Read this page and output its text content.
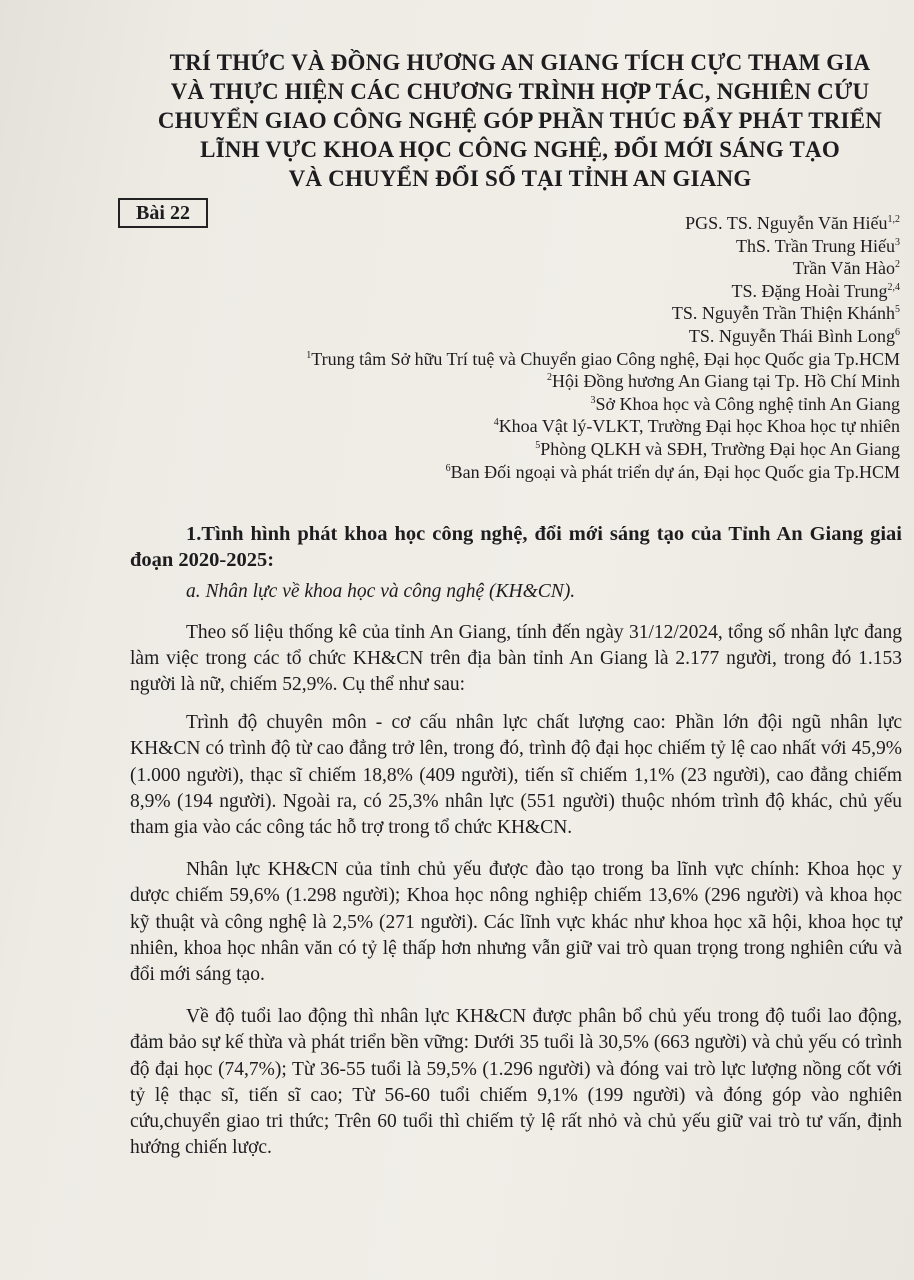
TRÍ THỨC VÀ ĐỒNG HƯƠNG AN GIANG TÍCH CỰC THAM GIA
VÀ THỰC HIỆN CÁC CHƯƠNG TRÌNH HỢP TÁC, NGHIÊN CỨU
CHUYỂN GIAO CÔNG NGHỆ GÓP PHẦN THÚC ĐẨY PHÁT TRIỂN
LĨNH VỰC KHOA HỌC CÔNG NGHỆ, ĐỔI MỚI SÁNG TẠO
VÀ CHUYỂN ĐỔI SỐ TẠI TỈNH AN GIANG
Bài 22	PGS. TS. Nguyễn Văn Hiếu$^{1,2}$
ThS. Trần Trung Hiếu$^3$
Trần Văn Hào$^2$
TS. Đặng Hoài Trung$^{2,4}$
TS. Nguyễn Trần Thiện Khánh$^5$
TS. Nguyễn Thái Bình Long$^6$
$^1$Trung tâm Sở hữu Trí tuệ và Chuyển giao Công nghệ, Đại học Quốc gia Tp.HCM
$^2$Hội Đồng hương An Giang tại Tp. Hồ Chí Minh
$^3$Sở Khoa học và Công nghệ tỉnh An Giang
$^4$Khoa Vật lý-VLKT, Trường Đại học Khoa học tự nhiên
$^5$Phòng QLKH và SĐH, Trường Đại học An Giang
$^6$Ban Đối ngoại và phát triển dự án, Đại học Quốc gia Tp.HCM

1.Tình hình phát khoa học công nghệ, đổi mới sáng tạo của Tỉnh An Giang giai đoạn 2020-2025:

a. Nhân lực về khoa học và công nghệ (KH&CN).

Theo số liệu thống kê của tỉnh An Giang, tính đến ngày 31/12/2024, tổng số nhân lực đang làm việc trong các tổ chức KH&CN trên địa bàn tỉnh An Giang là 2.177 người, trong đó 1.153 người là nữ, chiếm 52,9%. Cụ thể như sau:

Trình độ chuyên môn - cơ cấu nhân lực chất lượng cao: Phần lớn đội ngũ nhân lực KH&CN có trình độ từ cao đẳng trở lên, trong đó, trình độ đại học chiếm tỷ lệ cao nhất với 45,9% (1.000 người), thạc sĩ chiếm 18,8% (409 người), tiến sĩ chiếm 1,1% (23 người), cao đẳng chiếm 8,9% (194 người). Ngoài ra, có 25,3% nhân lực (551 người) thuộc nhóm trình độ khác, chủ yếu tham gia vào các công tác hỗ trợ trong tổ chức KH&CN.

Nhân lực KH&CN của tỉnh chủ yếu được đào tạo trong ba lĩnh vực chính: Khoa học y dược chiếm 59,6% (1.298 người); Khoa học nông nghiệp chiếm 13,6% (296 người) và khoa học kỹ thuật và công nghệ là 2,5% (271 người). Các lĩnh vực khác như khoa học xã hội, khoa học tự nhiên, khoa học nhân văn có tỷ lệ thấp hơn nhưng vẫn giữ vai trò quan trọng trong nghiên cứu và đổi mới sáng tạo.

Về độ tuổi lao động thì nhân lực KH&CN được phân bổ chủ yếu trong độ tuổi lao động, đảm bảo sự kế thừa và phát triển bền vững: Dưới 35 tuổi là 30,5% (663 người) và chủ yếu có trình độ đại học (74,7%); Từ 36-55 tuổi là 59,5% (1.296 người) và đóng vai trò lực lượng nồng cốt với tỷ lệ thạc sĩ, tiến sĩ cao; Từ 56-60 tuổi chiếm 9,1% (199 người) và đóng góp vào nghiên cứu,chuyển giao tri thức; Trên 60 tuổi thì chiếm tỷ lệ rất nhỏ và chủ yếu giữ vai trò tư vấn, định hướng chiến lược.
